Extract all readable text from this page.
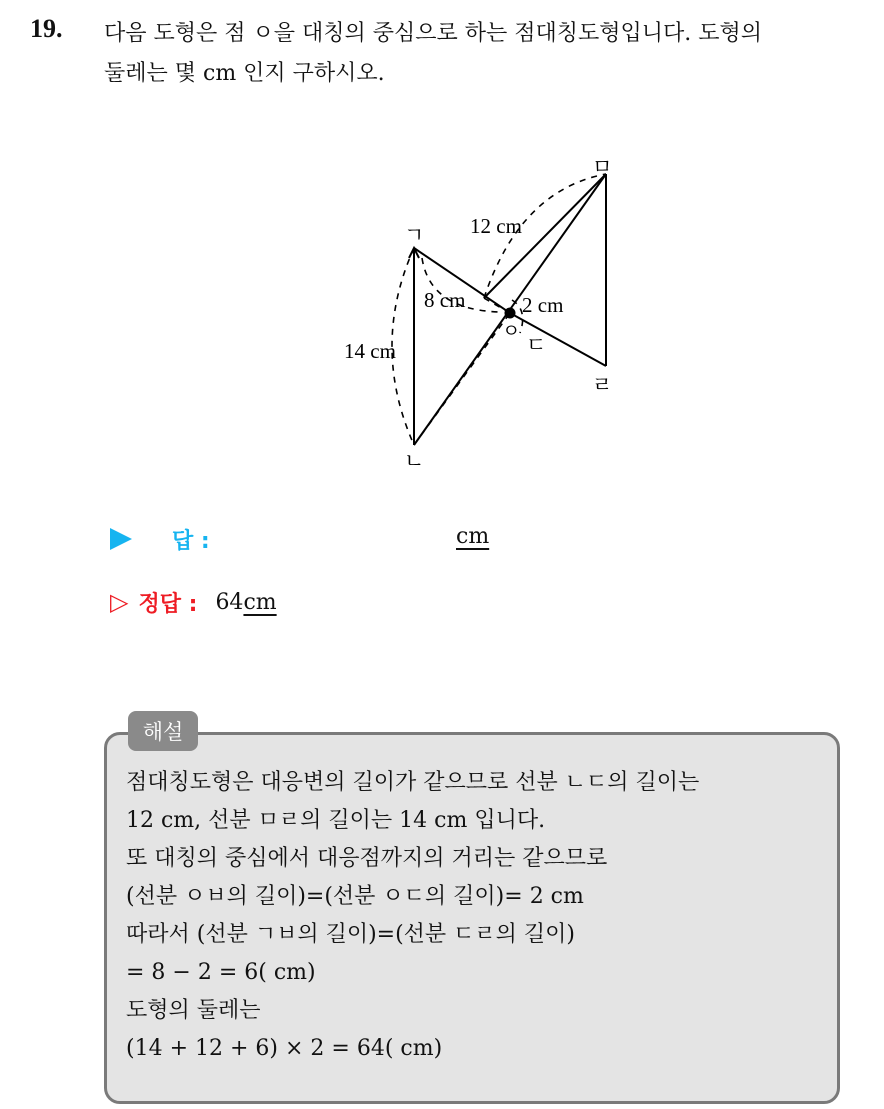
19. 다음 도형은 점 ㅇ을 대칭의 중심으로 하는 점대칭도형입니다. 도형의
둘레는 몇 cm 인지 구하시오.
ㄱ
ㄴ
ㅁ
ㄹ
ㅇ
ㄷ
12 cm
14 cm
8 cm	2 cm
답 :	cm
▷ 정답 : 64cm
해설
점대칭도형은 대응변의 길이가 같으므로 선분 ㄴㄷ의 길이는
12 cm, 선분 ㅁㄹ의 길이는 14 cm 입니다.
또 대칭의 중심에서 대응점까지의 거리는 같으므로
(선분 ㅇㅂ의 길이)=(선분 ㅇㄷ의 길이)= 2 cm
따라서 (선분 ㄱㅂ의 길이)=(선분 ㄷㄹ의 길이)
= 8 − 2 = 6( cm)
도형의 둘레는
(14 + 12 + 6) × 2 = 64( cm)
